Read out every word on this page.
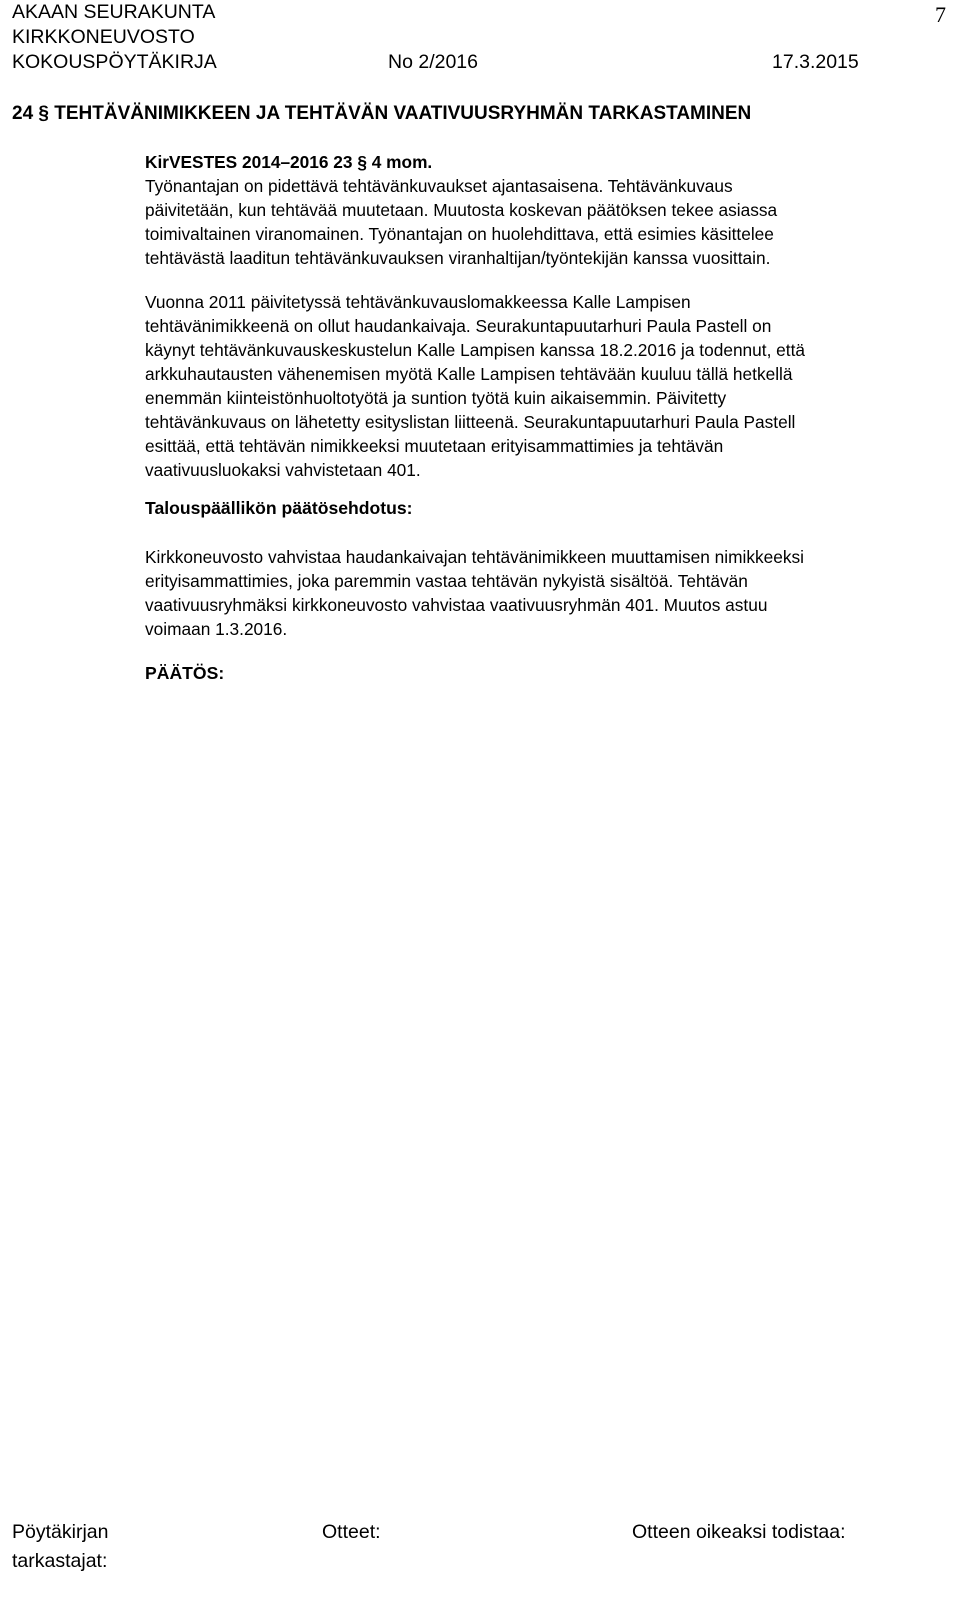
AKAAN SEURAKUNTA
KIRKKONEUVOSTO
KOKOUSPÖYTÄKIRJA	No 2/2016	17.3.2015
7
24 § TEHTÄVÄNIMIKKEEN JA TEHTÄVÄN VAATIVUUSRYHMÄN TARKASTAMINEN
KirVESTES 2014–2016 23 § 4 mom.
Työnantajan on pidettävä tehtävänkuvaukset ajantasaisena. Tehtävänkuvaus
päivitetään, kun tehtävää muutetaan. Muutosta koskevan päätöksen tekee asiassa
toimivaltainen viranomainen. Työnantajan on huolehdittava, että esimies käsittelee
tehtävästä laaditun tehtävänkuvauksen viranhaltijan/työntekijän kanssa vuosittain.
Vuonna 2011 päivitetyssä tehtävänkuvauslomakkeessa Kalle Lampisen
tehtävänimikkeenä on ollut haudankaivaja. Seurakuntapuutarhuri Paula Pastell on
käynyt tehtävänkuvauskeskustelun Kalle Lampisen kanssa 18.2.2016 ja todennut, että
arkkuhautausten vähenemisen myötä Kalle Lampisen tehtävään kuuluu tällä hetkellä
enemmän kiinteistönhuoltotyötä ja suntion työtä kuin aikaisemmin. Päivitetty
tehtävänkuvaus on lähetetty esityslistan liitteenä. Seurakuntapuutarhuri Paula Pastell
esittää, että tehtävän nimikkeeksi muutetaan erityisammattimies ja tehtävän
vaativuusluokaksi vahvistetaan 401.
Talouspäällikön päätösehdotus:
Kirkkoneuvosto vahvistaa haudankaivajan tehtävänimikkeen muuttamisen nimikkeeksi
erityisammattimies, joka paremmin vastaa tehtävän nykyistä sisältöä. Tehtävän
vaativuusryhmäksi kirkkoneuvosto vahvistaa vaativuusryhmän 401. Muutos astuu
voimaan 1.3.2016.
PÄÄTÖS:
Pöytäkirjan
tarkastajat:
Otteet:	Otteen oikeaksi todistaa:
